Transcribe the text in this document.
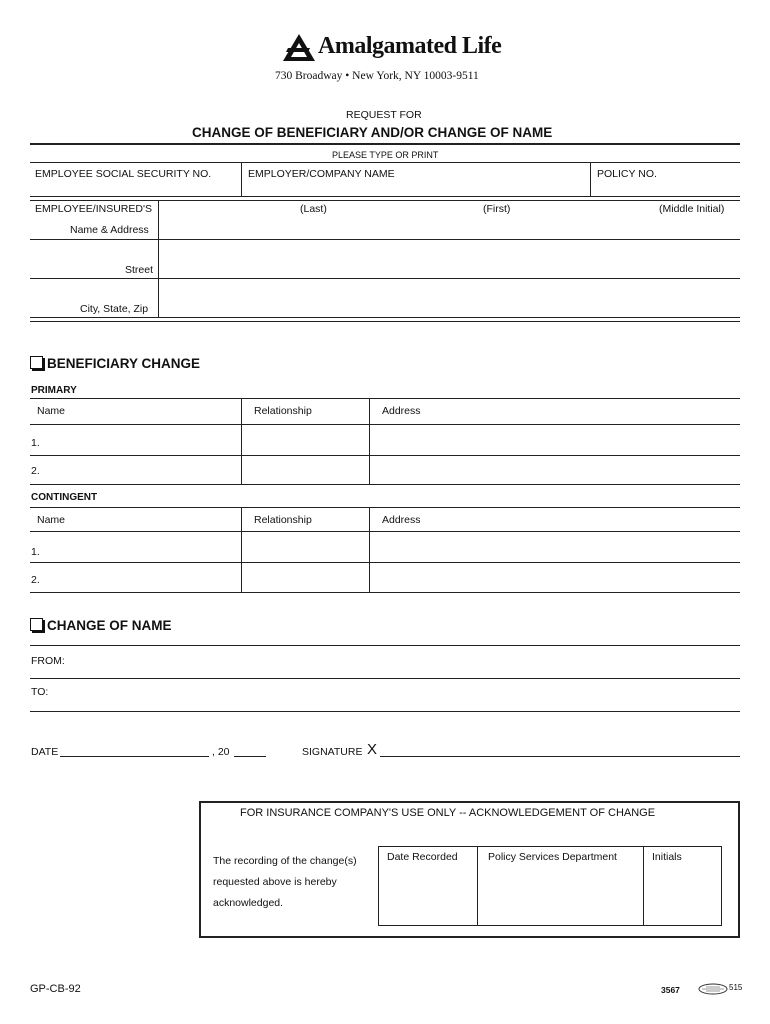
Amalgamated Life
730 Broadway • New York, NY 10003-9511
REQUEST FOR
CHANGE OF BENEFICIARY AND/OR CHANGE OF NAME
PLEASE TYPE OR PRINT
EMPLOYEE SOCIAL SECURITY NO.	EMPLOYER/COMPANY NAME	POLICY NO.
EMPLOYEE/INSURED'S
Name & Address
(Last)	(First)	(Middle Initial)
Street
City, State, Zip
BENEFICIARY CHANGE
PRIMARY
Name	Relationship	Address
1.
2.
CONTINGENT
Name	Relationship	Address
1.
2.
CHANGE OF NAME
FROM:
TO:
DATE	, 20	SIGNATURE X
FOR INSURANCE COMPANY'S USE ONLY -- ACKNOWLEDGEMENT OF CHANGE
The recording of the change(s)
requested above is hereby
acknowledged.
Date Recorded	Policy Services Department	Initials
GP-CB-92	3567	515
